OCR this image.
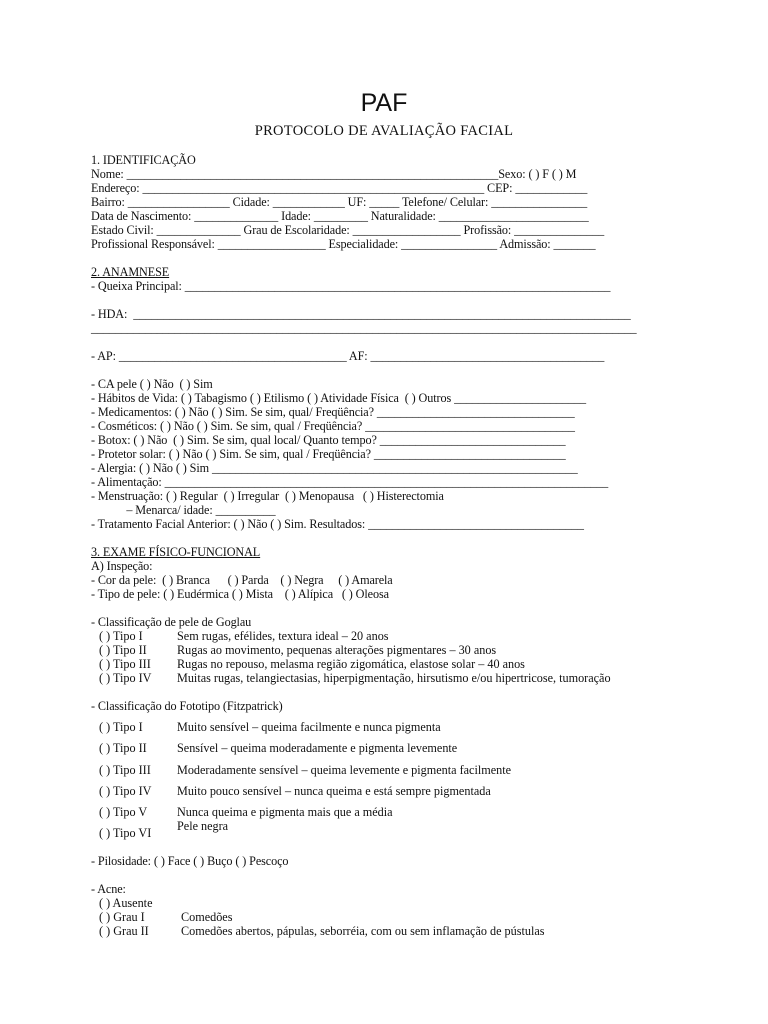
PAF
PROTOCOLO DE AVALIAÇÃO FACIAL
1. IDENTIFICAÇÃO
Nome: ______________________________________________________________Sexo: ( ) F ( ) M
Endereço: _________________________________________________________ CEP: ____________
Bairro: _________________ Cidade: ____________ UF: _____ Telefone/ Celular: ________________
Data de Nascimento: ______________ Idade: _________ Naturalidade: _________________________
Estado Civil: ______________ Grau de Escolaridade: __________________ Profissão: _______________
Profissional Responsável: __________________ Especialidade: ________________ Admissão: _______
2. ANAMNESE
- Queixa Principal: _______________________________________________________________________
- HDA:  ___________________________________________________________________________________
___________________________________________________________________________________________
- AP: ______________________________________ AF: _______________________________________
- CA pele ( ) Não  ( ) Sim
- Hábitos de Vida: ( ) Tabagismo ( ) Etilismo ( ) Atividade Física  ( ) Outros ______________________
- Medicamentos: ( ) Não ( ) Sim. Se sim, qual/ Freqüência? _________________________________
- Cosméticos: ( ) Não ( ) Sim. Se sim, qual / Freqüência? ___________________________________
- Botox: ( ) Não  ( ) Sim. Se sim, qual local/ Quanto tempo? _______________________________
- Protetor solar: ( ) Não ( ) Sim. Se sim, qual / Freqüência? ________________________________
- Alergia: ( ) Não ( ) Sim _____________________________________________________________
- Alimentação: __________________________________________________________________________
- Menstruação: ( ) Regular  ( ) Irregular  ( ) Menopausa   ( ) Histerectomia
– Menarca/ idade: __________
- Tratamento Facial Anterior: ( ) Não ( ) Sim. Resultados: ____________________________________
3. EXAME FÍSICO-FUNCIONAL
A) Inspeção:
- Cor da pele:  ( ) Branca      ( ) Parda    ( ) Negra     ( ) Amarela
- Tipo de pele: ( ) Eudérmica ( ) Mista    ( ) Alípica   ( ) Oleosa
- Classificação de pele de Goglau
( ) Tipo I	Sem rugas, efélides, textura ideal – 20 anos
( ) Tipo II Rugas ao movimento, pequenas alterações pigmentares – 30 anos
( ) Tipo III Rugas no repouso, melasma região zigomática, elastose solar – 40 anos
( ) Tipo IV Muitas rugas, telangiectasias, hiperpigmentação, hirsutismo e/ou hipertricose, tumoração
- Classificação do Fototipo (Fitzpatrick)
( ) Tipo I	Muito sensível – queima facilmente e nunca pigmenta
( ) Tipo II Sensível – queima moderadamente e pigmenta levemente
( ) Tipo III Moderadamente sensível – queima levemente e pigmenta facilmente
( ) Tipo IV Muito pouco sensível – nunca queima e está sempre pigmentada
( ) Tipo V Nunca queima e pigmenta mais que a média
( ) Tipo VI Pele negra
- Pilosidade: ( ) Face ( ) Buço ( ) Pescoço
- Acne:
( ) Ausente
( ) Grau I	Comedões
( ) Grau II	Comedões abertos, pápulas, seborréia, com ou sem inflamação de pústulas
